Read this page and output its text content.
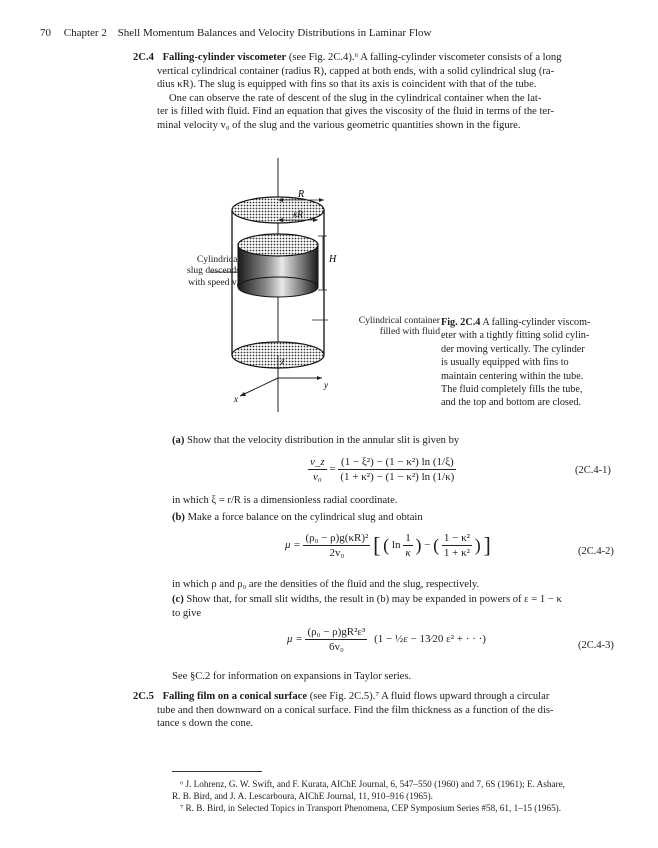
70 Chapter 2 Shell Momentum Balances and Velocity Distributions in Laminar Flow
2C.4 Falling-cylinder viscometer (see Fig. 2C.4).⁶ A falling-cylinder viscometer consists of a long
vertical cylindrical container (radius R), capped at both ends, with a solid cylindrical slug (ra-
dius κR). The slug is equipped with fins so that its axis is coincident with that of the tube.
One can observe the rate of descent of the slug in the cylindrical container when the lat-
ter is filled with fluid. Find an equation that gives the viscosity of the fluid in terms of the ter-
minal velocity v₀ of the slug and the various geometric quantities shown in the figure.
R
κR
H
z
y
x
Cylindrical
slug descends
with speed v₀
Cylindrical container
filled with fluid
Fig. 2C.4 A falling-cylinder viscom-
eter with a tightly fitting solid cylin-
der moving vertically. The cylinder
is usually equipped with fins to
maintain centering within the tube.
The fluid completely fills the tube,
and the top and bottom are closed.
(a) Show that the velocity distribution in the annular slit is given by
$\frac{v\_z}{\text{v₀}} = \frac{\text{(1 − ξ²) − (1 − κ²) ln (1/ξ)}}{\text{(1 + κ²) − (1 − κ²) ln (1/κ)}}$	(2C.4-1)
in which ξ = r/R is a dimensionless radial coordinate.
(b) Make a force balance on the cylindrical slug and obtain
$\mu = \frac{\text{(ρ₀ − ρ)g(κR)²}}{\text{2v₀}}$ [ ( $\ln \frac{1}{\kappa}$ ) − ( $\frac{\text{1 − κ²}}{\text{1 + κ²}}$ ) ]	(2C.4-2)
in which ρ and ρ₀ are the densities of the fluid and the slug, respectively.
(c) Show that, for small slit widths, the result in (b) may be expanded in powers of ε = 1 − κ
to give
$\mu = \frac{\text{(ρ₀ − ρ)gR²ε³}}{\text{6v₀}} (1$ − ½ε − 13⁄20 ε² + · · ·)
(2C.4-3)
See §C.2 for information on expansions in Taylor series.
2C.5 Falling film on a conical surface (see Fig. 2C.5).⁷ A fluid flows upward through a circular
tube and then downward on a conical surface. Find the film thickness as a function of the dis-
tance s down the cone.
⁶ J. Lohrenz, G. W. Swift, and F. Kurata, AIChE Journal, 6, 547–550 (1960) and 7, 6S (1961); E. Ashare,
R. B. Bird, and J. A. Lescarboura, AIChE Journal, 11, 910–916 (1965).
⁷ R. B. Bird, in Selected Topics in Transport Phenomena, CEP Symposium Series #58, 61, 1–15 (1965).
